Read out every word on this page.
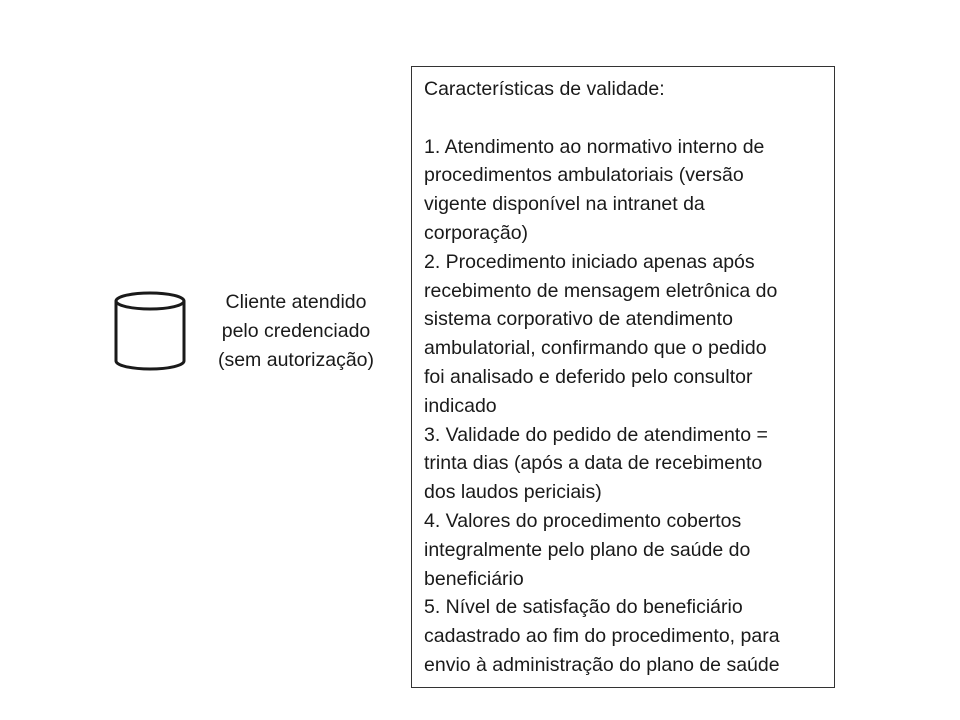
Cliente atendido
pelo credenciado
(sem autorização)
Características de validade:
1. Atendimento ao normativo interno de
procedimentos ambulatoriais (versão
vigente disponível na intranet da
corporação)
2. Procedimento iniciado apenas após
recebimento de mensagem eletrônica do
sistema corporativo de atendimento
ambulatorial, confirmando que o pedido
foi analisado e deferido pelo consultor
indicado
3. Validade do pedido de atendimento =
trinta dias (após a data de recebimento
dos laudos periciais)
4. Valores do procedimento cobertos
integralmente pelo plano de saúde do
beneficiário
5. Nível de satisfação do beneficiário
cadastrado ao fim do procedimento, para
envio à administração do plano de saúde
